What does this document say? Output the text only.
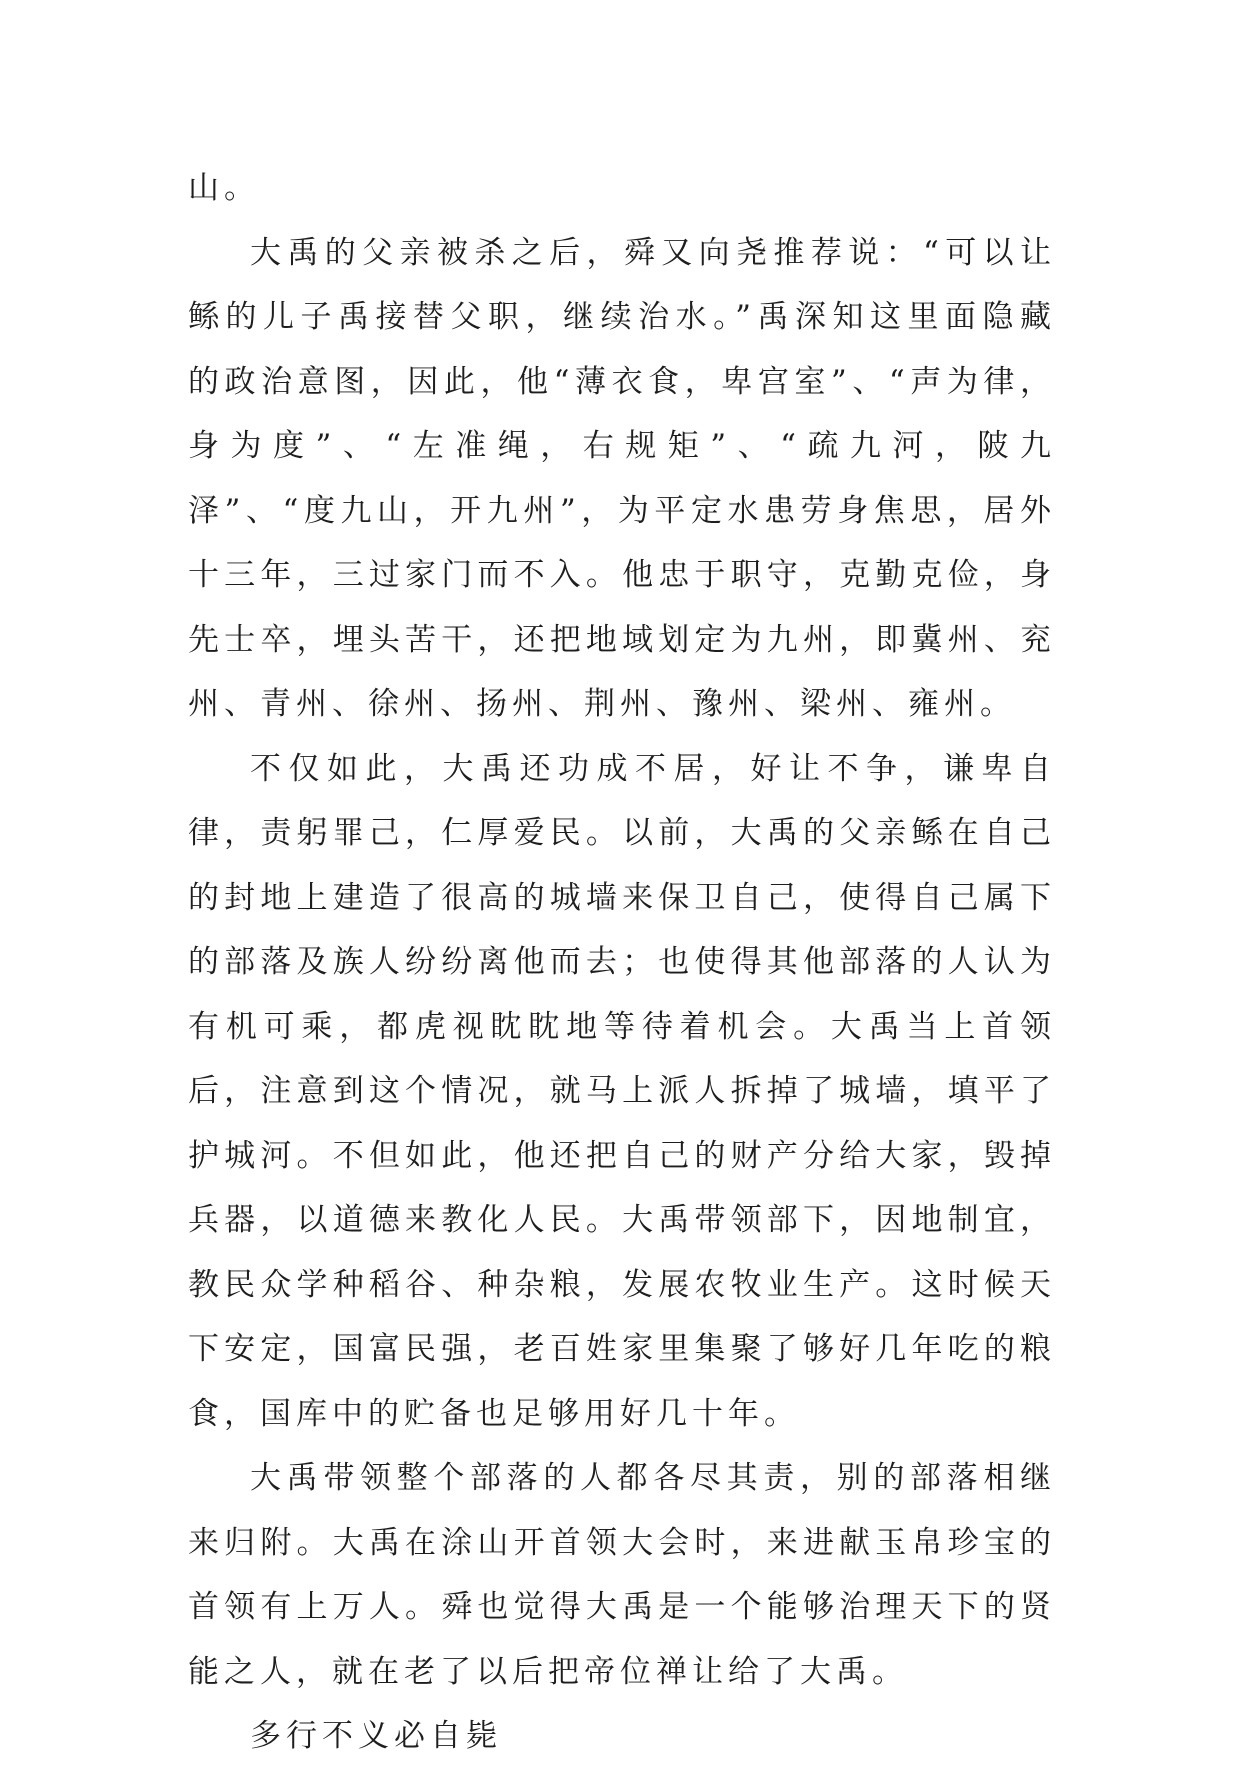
山。

大禹的父亲被杀之后，舜又向尧推荐说：“可以让鲧的儿子禹接替父职，继续治水。”禹深知这里面隐藏的政治意图，因此，他“薄衣食，卑宫室”、“声为律，身为度”、“左准绳，右规矩”、“疏九河，陂九泽”、“度九山，开九州”，为平定水患劳身焦思，居外十三年，三过家门而不入。他忠于职守，克勤克俭，身先士卒，埋头苦干，还把地域划定为九州，即冀州、兖州、青州、徐州、扬州、荆州、豫州、梁州、雍州。

不仅如此，大禹还功成不居，好让不争，谦卑自律，责躬罪己，仁厚爱民。以前，大禹的父亲鲧在自己的封地上建造了很高的城墙来保卫自己，使得自己属下的部落及族人纷纷离他而去；也使得其他部落的人认为有机可乘，都虎视眈眈地等待着机会。大禹当上首领后，注意到这个情况，就马上派人拆掉了城墙，填平了护城河。不但如此，他还把自己的财产分给大家，毁掉兵器，以道德来教化人民。大禹带领部下，因地制宜，教民众学种稻谷、种杂粮，发展农牧业生产。这时候天下安定，国富民强，老百姓家里集聚了够好几年吃的粮食，国库中的贮备也足够用好几十年。

大禹带领整个部落的人都各尽其责，别的部落相继来归附。大禹在涂山开首领大会时，来进献玉帛珍宝的首领有上万人。舜也觉得大禹是一个能够治理天下的贤能之人，就在老了以后把帝位禅让给了大禹。

多行不义必自毙
